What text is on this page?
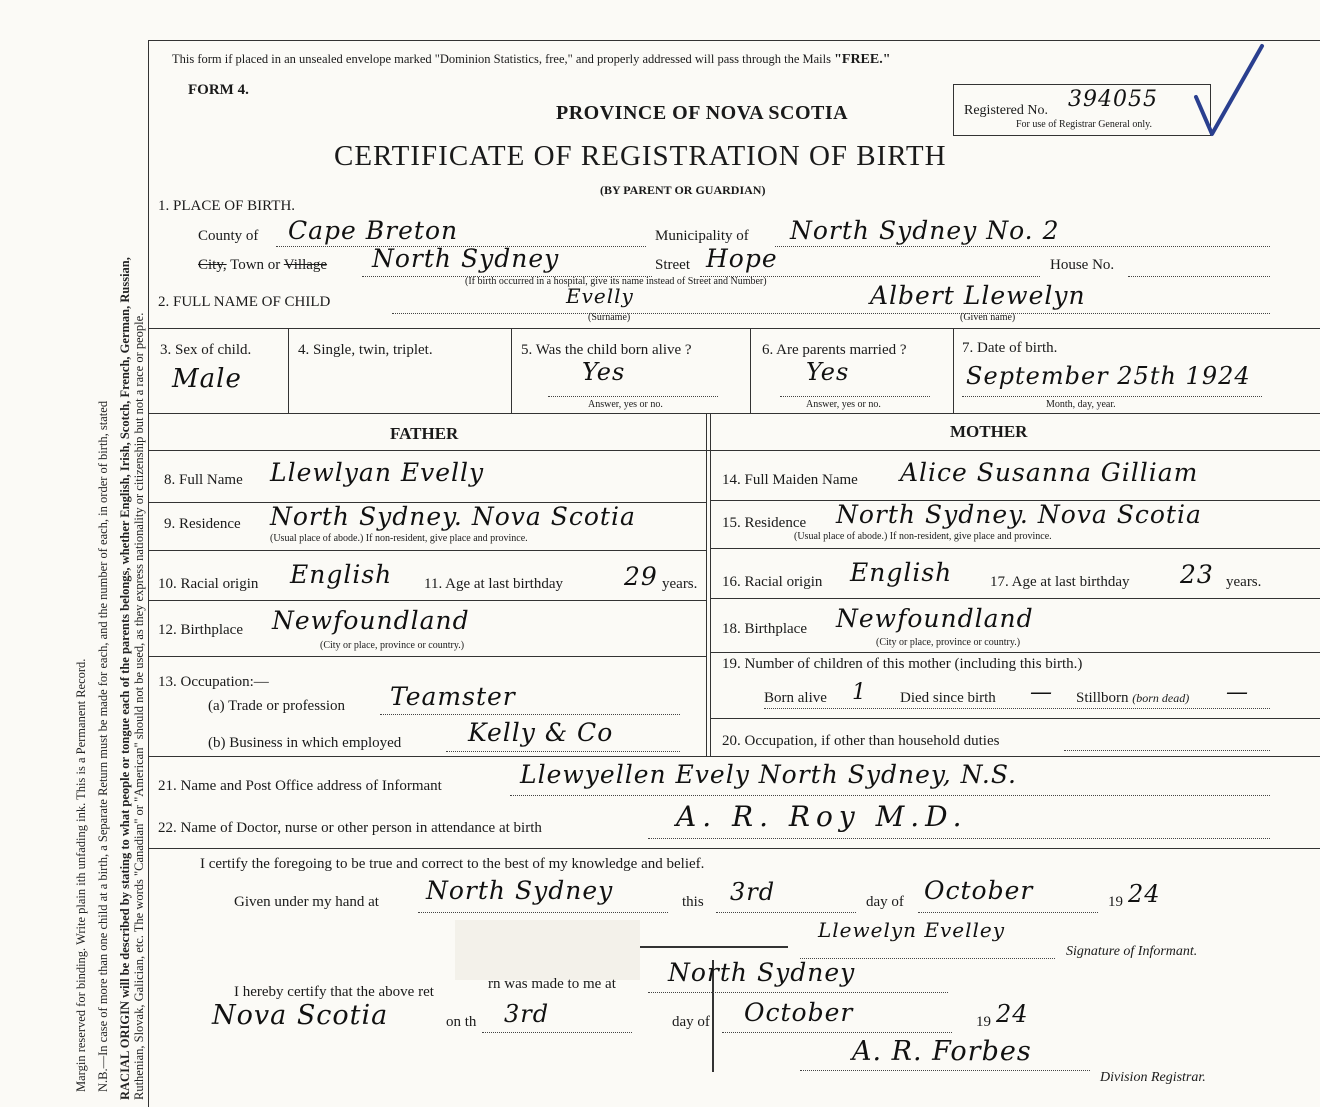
Margin reserved for binding. Write plain ith unfading ink. This is a Permanent Record. N.B.—In case of more than one child at a birth, a Separate Return must be made for each, and the number of each, in order of birth, stated RACIAL ORIGIN will be described by stating to what people or tongue each of the parents belongs, whether English, Irish, Scotch, French, German, Russian, Ruthenian, Slovak, Galician, etc. The words "Canadian" or "American" should not be used, as they express nationality or citizenship but not a race or people.
This form if placed in an unsealed envelope marked "Dominion Statistics, free," and properly addressed will pass through the Mails "FREE."
FORM 4.
PROVINCE OF NOVA SCOTIA
CERTIFICATE OF REGISTRATION OF BIRTH
(BY PARENT OR GUARDIAN)
Registered No. 394055
For use of Registrar General only.
1. PLACE OF BIRTH.
County of Cape Breton	Municipality of North Sydney No. 2
City, Town or Village North Sydney
(If birth occurred in a hospital, give its name instead of Street and Number)
Street Hope	House No.
2. FULL NAME OF CHILD	Evelly
(Surname)
Albert Llewelyn
(Given name)
3. Sex of child.
Male
4. Single, twin, triplet.	5. Was the child born alive ?
Yes
Answer, yes or no.
6. Are parents married ?
Yes
Answer, yes or no.
7. Date of birth.
September 25th 1924
Month, day, year.
FATHER	MOTHER
8. Full Name Llewlyan Evelly
9. Residence North Sydney. Nova Scotia
(Usual place of abode.) If non-resident, give place and province.
10. Racial origin English 11. Age at last birthday 29 years.
12. Birthplace Newfoundland
(City or place, province or country.)
13. Occupation:—
(a) Trade or profession Teamster
(b) Business in which employed	Kelly & Co
14. Full Maiden Name Alice Susanna Gilliam
15. Residence North Sydney. Nova Scotia
(Usual place of abode.) If non-resident, give place and province.
16. Racial origin English	17. Age at last birthday 23 years.
18. Birthplace Newfoundland
(City or place, province or country.)
19. Number of children of this mother (including this birth.)
Born alive 1 Died since birth — Stillborn (born dead) —
20. Occupation, if other than household duties
21. Name and Post Office address of Informant	Llewyellen Evely North Sydney, N.S.
22. Name of Doctor, nurse or other person in attendance at birth	A. R. Roy M.D.
I certify the foregoing to be true and correct to the best of my knowledge and belief.
Given under my hand at North Sydney	this 3rd	day of October	19 24
Llewelyn Evelley
Signature of Informant.
I hereby certify that the above ret	rn was made to me at North Sydney
Nova Scotia	on th 3rd	day of October	19 24
A. R. Forbes
Division Registrar.
